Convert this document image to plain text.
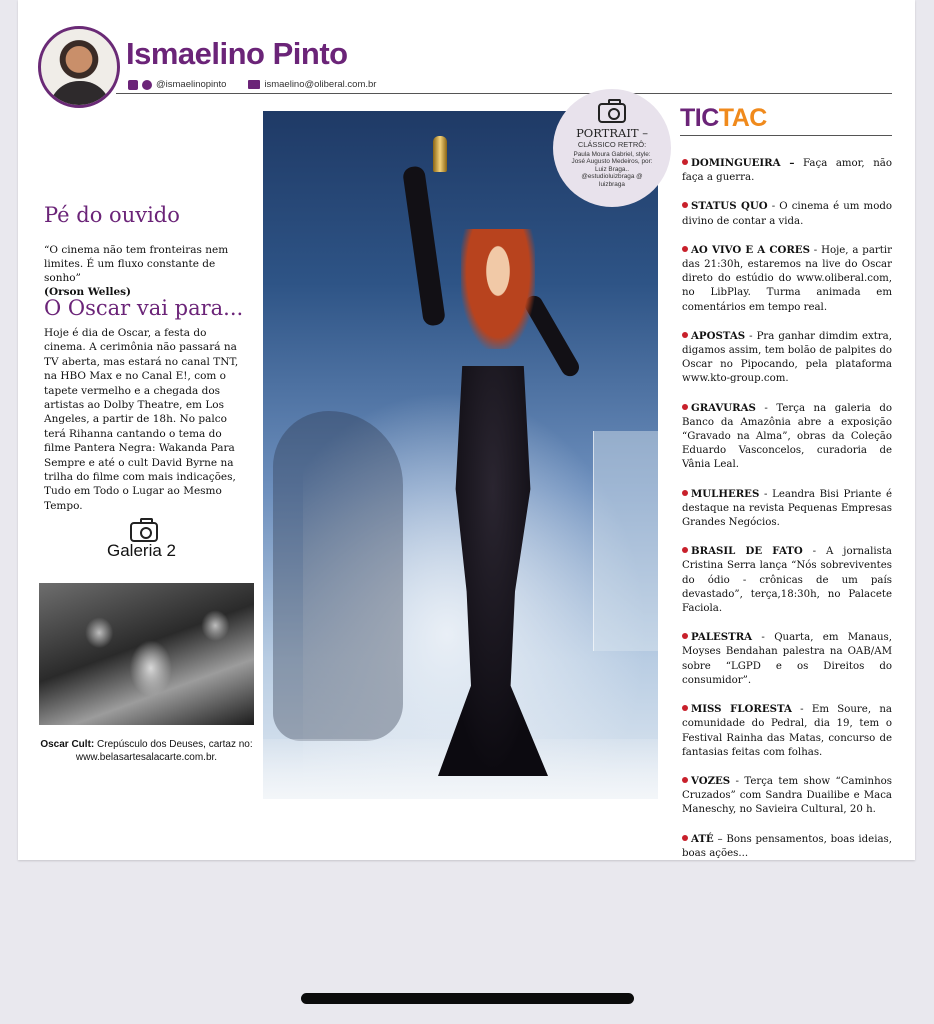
Ismaelino Pinto
@ismaelinopinto	ismaelino@oliberal.com.br
Pé do ouvido
“O cinema não tem fronteiras nem limites. É um fluxo constante de sonho”
(Orson Welles)
O Oscar vai para...
Hoje é dia de Oscar, a festa do cinema. A cerimônia não passará na TV aberta, mas estará no canal TNT, na HBO Max e no Canal E!, com o tapete vermelho e a chegada dos artistas ao Dolby Theatre, em Los Angeles, a partir de 18h. No palco terá Rihanna cantando o tema do filme Pantera Negra: Wakanda Para Sempre e até o cult David Byrne na trilha do filme com mais indicações, Tudo em Todo o Lugar ao Mesmo Tempo.
Galeria 2
Oscar Cult: Crepúsculo dos Deuses, cartaz no: www.belasartesalacarte.com.br.
PORTRAIT –
CLÁSSICO RETRÔ:
Paula Moura Gabriel, style: José Augusto Medeiros, por: Luiz Braga.. @estudioluizbraga @ luizbraga
TICTAC
DOMINGUEIRA – Faça amor, não faça a guerra.
STATUS QUO - O cinema é um modo divino de contar a vida.
AO VIVO E A CORES - Hoje, a partir das 21:30h, estaremos na live do Oscar direto do estúdio do www.oliberal.com, no LibPlay. Turma animada em comentários em tempo real.
APOSTAS - Pra ganhar dimdim extra, digamos assim, tem bolão de palpites do Oscar no Pipocando, pela plataforma www.kto-group.com.
GRAVURAS - Terça na galeria do Banco da Amazônia abre a exposição “Gravado na Alma”, obras da Coleção Eduardo Vasconcelos, curadoria de Vânia Leal.
MULHERES - Leandra Bisi Priante é destaque na revista Pequenas Empresas Grandes Negócios.
BRASIL DE FATO - A jornalista Cristina Serra lança “Nós sobreviventes do ódio - crônicas de um país devastado”, terça,18:30h, no Palacete Faciola.
PALESTRA - Quarta, em Manaus, Moyses Bendahan palestra na OAB/AM sobre “LGPD e os Direitos do consumidor”.
MISS FLORESTA - Em Soure, na comunidade do Pedral, dia 19, tem o Festival Rainha das Matas, concurso de fantasias feitas com folhas.
VOZES - Terça tem show “Caminhos Cruzados” com Sandra Duailibe e Maca Maneschy, no Savieira Cultural, 20 h.
ATÉ – Bons pensamentos, boas ideias, boas ações...
